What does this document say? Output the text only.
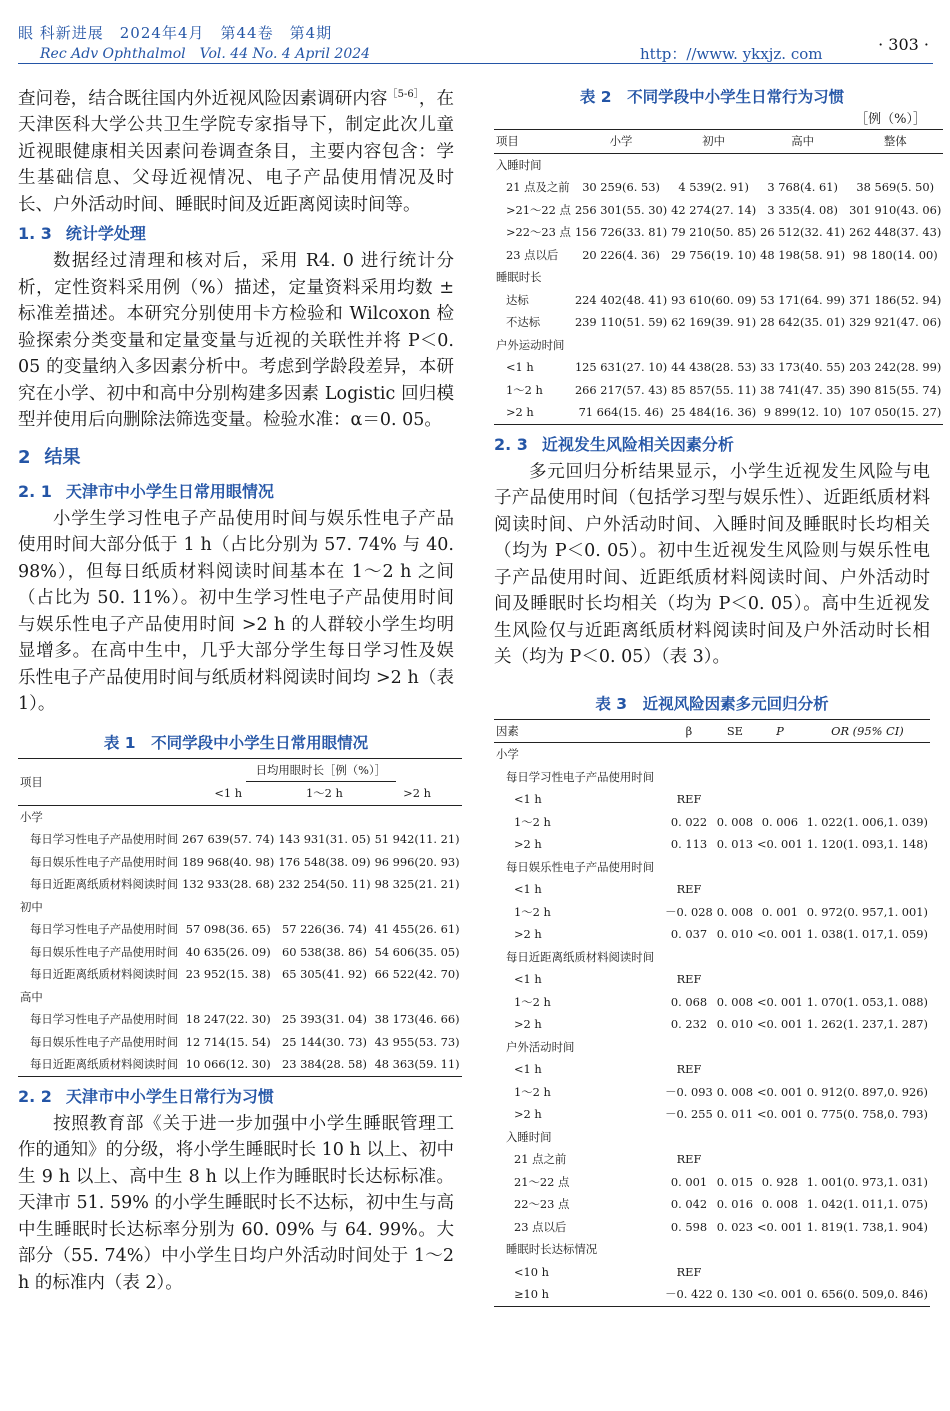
眼 科新进展　2024年4月　第44卷　第4期
Rec Adv Ophthalmol　Vol. 44 No. 4 April 2024	http：//www. ykxjz. com	· 303 ·

查问卷，结合既往国内外近视风险因素调研内容$^{[5-6]}$，在天津医科大学公共卫生学院专家指导下，制定此次儿童近视眼健康相关因素问卷调查条目，主要内容包含：学生基础信息、父母近视情况、电子产品使用情况及时长、户外活动时间、睡眠时间及近距离阅读时间等。

1. 3 统计学处理

数据经过清理和核对后，采用 R4. 0 进行统计分析，定性资料采用例（%）描述，定量资料采用均数 ± 标准差描述。本研究分别使用卡方检验和 Wilcoxon 检验探索分类变量和定量变量与近视的关联性并将 P＜0. 05 的变量纳入多因素分析中。考虑到学龄段差异，本研究在小学、初中和高中分别构建多因素 Logistic 回归模型并使用后向删除法筛选变量。检验水准：α＝0. 05。

2 结果
2. 1 天津市中小学生日常用眼情况

小学生学习性电子产品使用时间与娱乐性电子产品使用时间大部分低于 1 h（占比分别为 57. 74% 与 40. 98%），但每日纸质材料阅读时间基本在 1～2 h 之间（占比为 50. 11%）。初中生学习性电子产品使用时间与娱乐性电子产品使用时间 >2 h 的人群较小学生均明显增多。在高中生中，几乎大部分学生每日学习性及娱乐性电子产品使用时间与纸质材料阅读时间均 >2 h（表 1）。

表 1　不同学段中小学生日常用眼情况
项目	日均用眼时长［例（%）］		
	<1 h	1～2 h	>2 h
小学			
每日学习性电子产品使用时间	267 639(57. 74)	143 931(31. 05)	51 942(11. 21)
每日娱乐性电子产品使用时间	189 968(40. 98)	176 548(38. 09)	96 996(20. 93)
每日近距离纸质材料阅读时间	132 933(28. 68)	232 254(50. 11)	98 325(21. 21)
初中			
每日学习性电子产品使用时间	57 098(36. 65)	57 226(36. 74)	41 455(26. 61)
每日娱乐性电子产品使用时间	40 635(26. 09)	60 538(38. 86)	54 606(35. 05)
每日近距离纸质材料阅读时间	23 952(15. 38)	65 305(41. 92)	66 522(42. 70)
高中			
每日学习性电子产品使用时间	18 247(22. 30)	25 393(31. 04)	38 173(46. 66)
每日娱乐性电子产品使用时间	12 714(15. 54)	25 144(30. 73)	43 955(53. 73)
每日近距离纸质材料阅读时间	10 066(12. 30)	23 384(28. 58)	48 363(59. 11)
2. 2 天津市中小学生日常行为习惯

按照教育部《关于进一步加强中小学生睡眠管理工作的通知》的分级，将小学生睡眠时长 10 h 以上、初中生 9 h 以上、高中生 8 h 以上作为睡眠时长达标标准。天津市 51. 59% 的小学生睡眠时长不达标，初中生与高中生睡眠时长达标率分别为 60. 09% 与 64. 99%。大部分（55. 74%）中小学生日均户外活动时间处于 1～2 h 的标准内（表 2）。

表 2　不同学段中小学生日常行为习惯
［例（%）］
项目	小学	初中	高中	整体
入睡时间				
21 点及之前	30 259(6. 53)	4 539(2. 91)	3 768(4. 61)	38 569(5. 50)
>21～22 点	256 301(55. 30)	42 274(27. 14)	3 335(4. 08)	301 910(43. 06)
>22～23 点	156 726(33. 81)	79 210(50. 85)	26 512(32. 41)	262 448(37. 43)
23 点以后	20 226(4. 36)	29 756(19. 10)	48 198(58. 91)	98 180(14. 00)
睡眠时长				
达标	224 402(48. 41)	93 610(60. 09)	53 171(64. 99)	371 186(52. 94)
不达标	239 110(51. 59)	62 169(39. 91)	28 642(35. 01)	329 921(47. 06)
户外运动时间				
<1 h	125 631(27. 10)	44 438(28. 53)	33 173(40. 55)	203 242(28. 99)
1～2 h	266 217(57. 43)	85 857(55. 11)	38 741(47. 35)	390 815(55. 74)
>2 h	71 664(15. 46)	25 484(16. 36)	9 899(12. 10)	107 050(15. 27)
2. 3 近视发生风险相关因素分析

多元回归分析结果显示，小学生近视发生风险与电子产品使用时间（包括学习型与娱乐性）、近距纸质材料阅读时间、户外活动时间、入睡时间及睡眠时长均相关（均为 P＜0. 05）。初中生近视发生风险则与娱乐性电子产品使用时间、近距纸质材料阅读时间、户外活动时间及睡眠时长均相关（均为 P＜0. 05）。高中生近视发生风险仅与近距离纸质材料阅读时间及户外活动时长相关（均为 P＜0. 05）（表 3）。

表 3　近视风险因素多元回归分析
因素	β	SE	P	OR (95% CI)
小学				
每日学习性电子产品使用时间				
<1 h	REF			
1～2 h	0. 022	0. 008	0. 006	1. 022(1. 006,1. 039)
>2 h	0. 113	0. 013	<0. 001	1. 120(1. 093,1. 148)
每日娱乐性电子产品使用时间				
<1 h	REF			
1～2 h	－0. 028	0. 008	0. 001	0. 972(0. 957,1. 001)
>2 h	0. 037	0. 010	<0. 001	1. 038(1. 017,1. 059)
每日近距离纸质材料阅读时间				
<1 h	REF			
1～2 h	0. 068	0. 008	<0. 001	1. 070(1. 053,1. 088)
>2 h	0. 232	0. 010	<0. 001	1. 262(1. 237,1. 287)
户外活动时间				
<1 h	REF			
1～2 h	－0. 093	0. 008	<0. 001	0. 912(0. 897,0. 926)
>2 h	－0. 255	0. 011	<0. 001	0. 775(0. 758,0. 793)
入睡时间				
21 点之前	REF			
21～22 点	0. 001	0. 015	0. 928	1. 001(0. 973,1. 031)
22～23 点	0. 042	0. 016	0. 008	1. 042(1. 011,1. 075)
23 点以后	0. 598	0. 023	<0. 001	1. 819(1. 738,1. 904)
睡眠时长达标情况				
<10 h	REF			
≥10 h	－0. 422	0. 130	<0. 001	0. 656(0. 509,0. 846)
